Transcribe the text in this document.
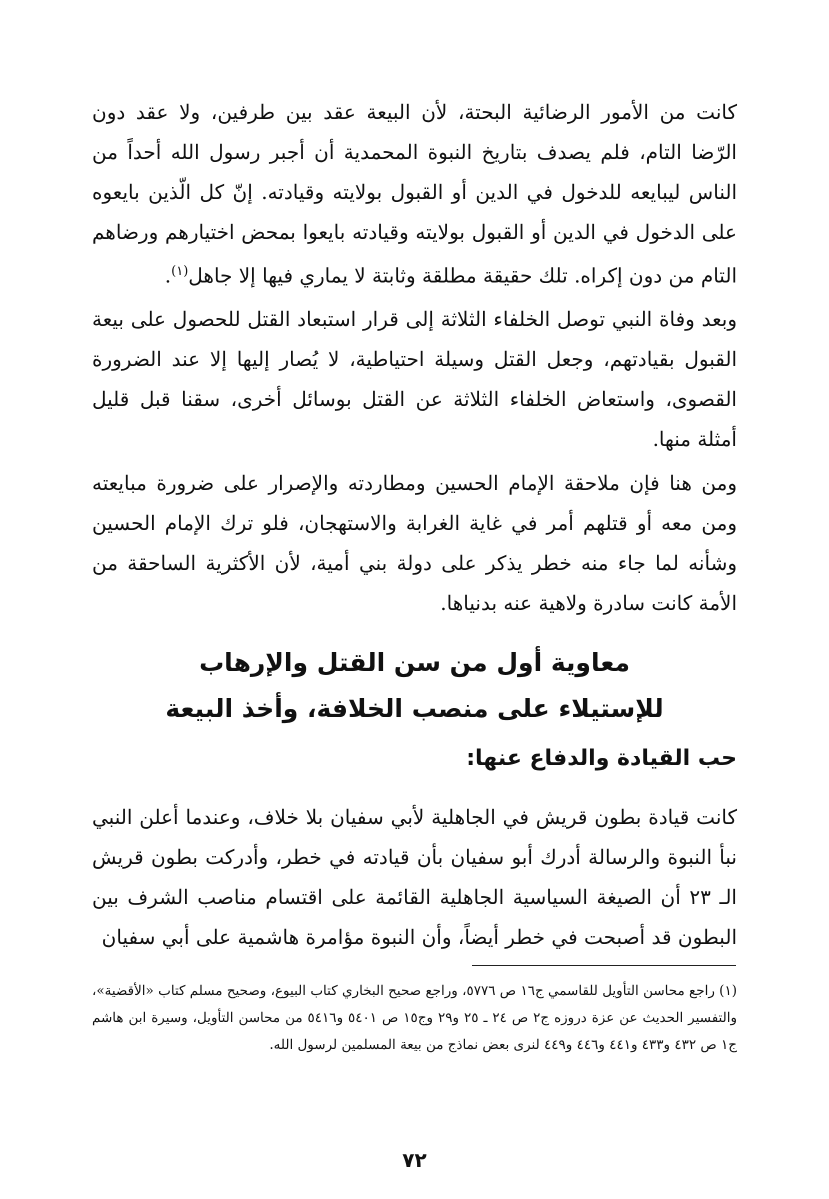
كانت من الأمور الرضائية البحتة، لأن البيعة عقد بين طرفين، ولا عقد دون الرّضا التام، فلم يصدف بتاريخ النبوة المحمدية أن أجبر رسول الله أحداً من الناس ليبايعه للدخول في الدين أو القبول بولايته وقيادته. إنّ كل الّذين بايعوه على الدخول في الدين أو القبول بولايته وقيادته بايعوا بمحض اختيارهم ورضاهم التام من دون إكراه. تلك حقيقة مطلقة وثابتة لا يماري فيها إلا جاهل$^{(١)}$.

وبعد وفاة النبي توصل الخلفاء الثلاثة إلى قرار استبعاد القتل للحصول على بيعة القبول بقيادتهم، وجعل القتل وسيلة احتياطية، لا يُصار إليها إلا عند الضرورة القصوى، واستعاض الخلفاء الثلاثة عن القتل بوسائل أخرى، سقنا قبل قليل أمثلة منها.

ومن هنا فإن ملاحقة الإمام الحسين ومطاردته والإصرار على ضرورة مبايعته ومن معه أو قتلهم أمر في غاية الغرابة والاستهجان، فلو ترك الإمام الحسين وشأنه لما جاء منه خطر يذكر على دولة بني أمية، لأن الأكثرية الساحقة من الأمة كانت سادرة ولاهية عنه بدنياها.

معاوية أول من سن القتل والإرهاب
للإستيلاء على منصب الخلافة، وأخذ البيعة
حب القيادة والدفاع عنها:

كانت قيادة بطون قريش في الجاهلية لأبي سفيان بلا خلاف، وعندما أعلن النبي نبأ النبوة والرسالة أدرك أبو سفيان بأن قيادته في خطر، وأدركت بطون قريش الـ ٢٣ أن الصيغة السياسية الجاهلية القائمة على اقتسام مناصب الشرف بين البطون قد أصبحت في خطر أيضاً، وأن النبوة مؤامرة هاشمية على أبي سفيان

(١) راجع محاسن التأويل للقاسمي ج١٦ ص ٥٧٧٦، وراجع صحيح البخاري كتاب البيوع، وصحيح مسلم كتاب «الأقضية»، والتفسير الحديث عن عزة دروزه ج٢ ص ٢٤ ـ ٢٥ و٢٩ وج١٥ ص ٥٤٠١ و٥٤١٦ من محاسن التأويل، وسيرة ابن هاشم ج١ ص ٤٣٢ و٤٣٣ و٤٤١ و٤٤٦ و٤٤٩ لنرى بعض نماذج من بيعة المسلمين لرسول الله.

٧٢
